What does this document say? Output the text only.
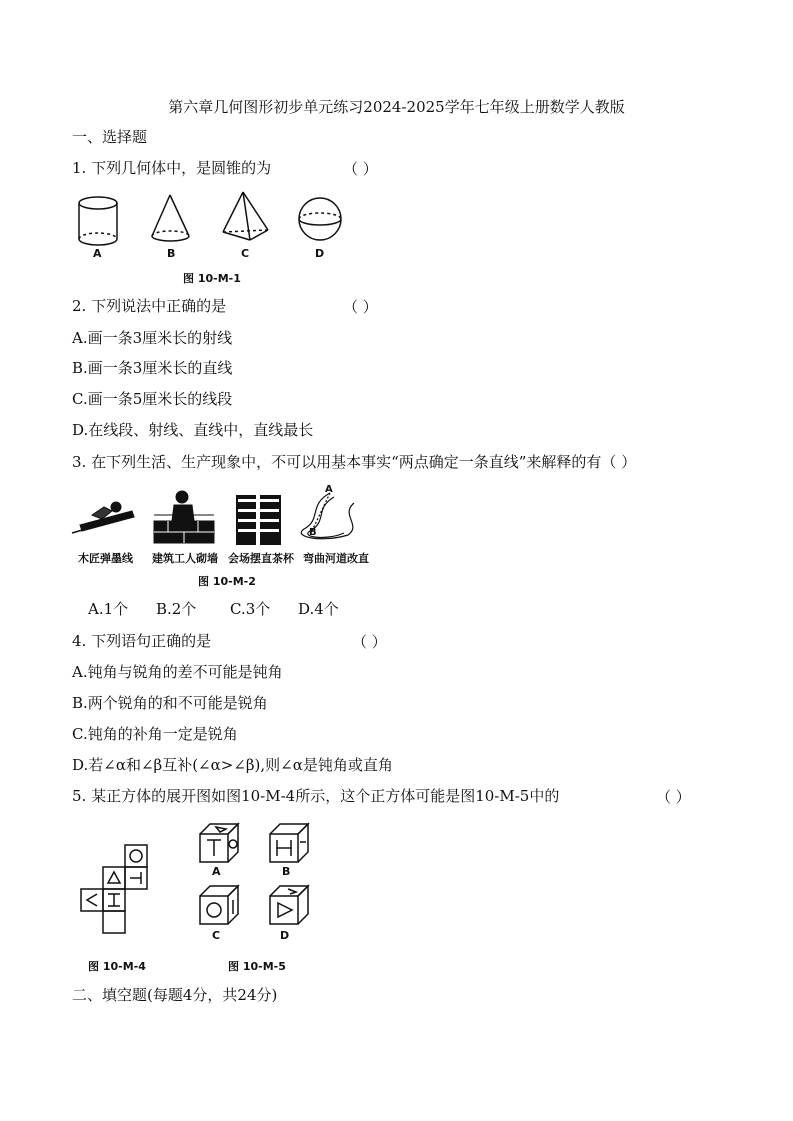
第六章几何图形初步单元练习2024-2025学年七年级上册数学人教版
一、选择题
1. 下列几何体中，是圆锥的为	（ ）
A	B	C	D
图 10-M-1
2. 下列说法中正确的是	（ ）
A.画一条3厘米长的射线
B.画一条3厘米长的直线
C.画一条5厘米长的线段
D.在线段、射线、直线中，直线最长
3. 在下列生活、生产现象中，不可以用基本事实“两点确定一条直线”来解释的有（ ）
A
B
木匠弹墨线 建筑工人砌墙 会场摆直茶杯 弯曲河道改直
图 10-M-2
A.1个 B.2个 C.3个 D.4个
4. 下列语句正确的是	（ ）
A.钝角与锐角的差不可能是钝角
B.两个锐角的和不可能是锐角
C.钝角的补角一定是锐角
D.若∠α和∠β互补(∠α>∠β),则∠α是钝角或直角
5. 某正方体的展开图如图10-M-4所示，这个正方体可能是图10-M-5中的	（ ）
图 10-M-4
A	B
C	D
图 10-M-5
二、填空题(每题4分，共24分)
